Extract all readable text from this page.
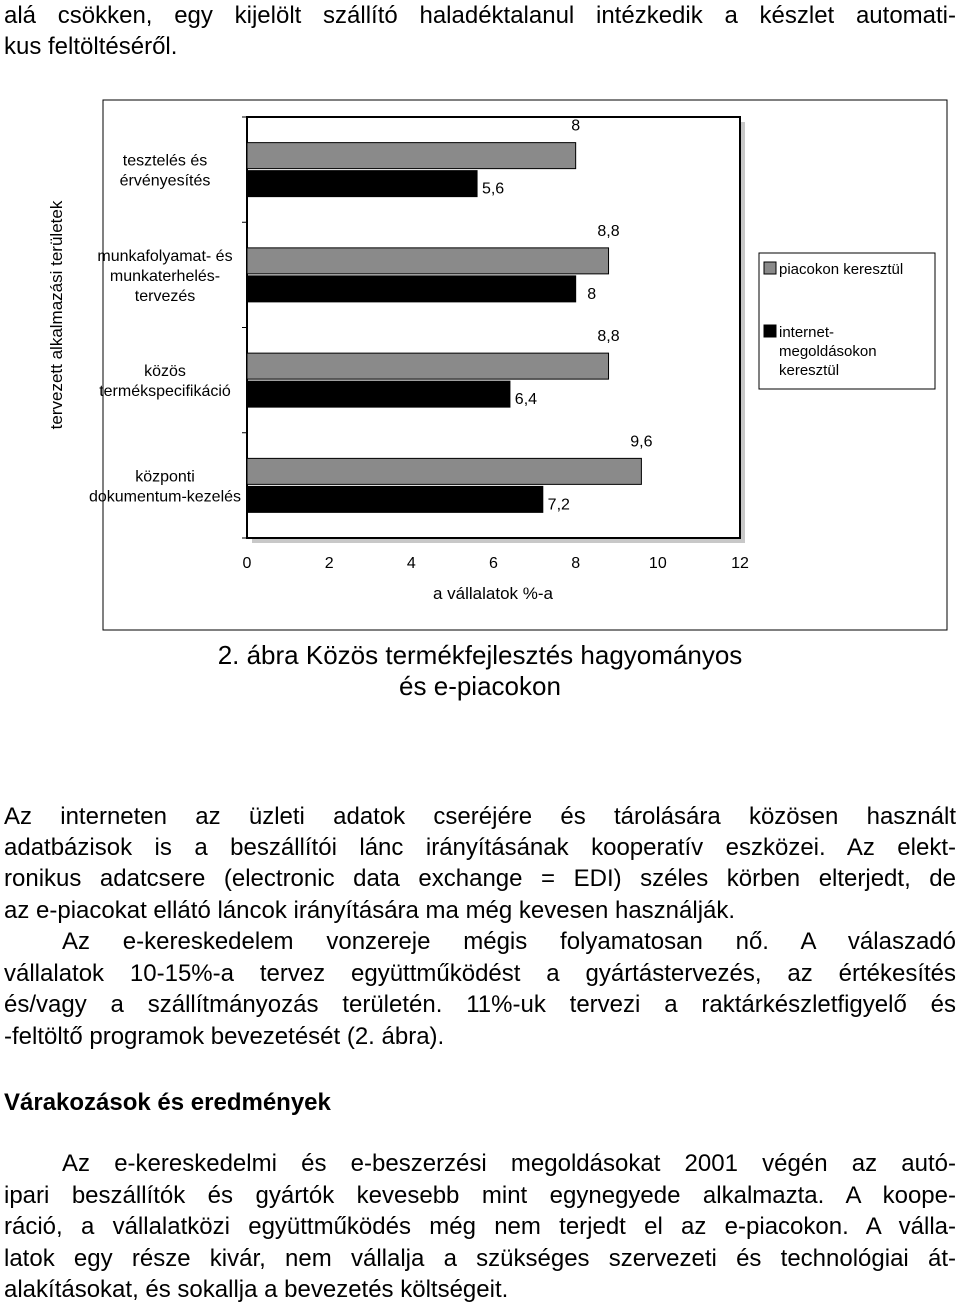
alá csökken, egy kijelölt szállító haladéktalanul intézkedik a készlet automati-
kus feltöltéséről.
8
5,6
tesztelés és
érvényesítés
8,8
8
munkafolyamat- és
munkaterhelés-
tervezés
8,8
6,4
közös
termékspecifikáció
9,6
7,2
központi
dokumentum-kezelés
0	2	4	6	8	10	12
a vállalatok %-a
tervezett alkalmazási területek	piacokon keresztül
internet-
megoldásokon
keresztül
2. ábra Közös termékfejlesztés hagyományos
és e-piacokon
Az interneten az üzleti adatok cseréjére és tárolására közösen használt
adatbázisok is a beszállítói lánc irányításának kooperatív eszközei. Az elekt-
ronikus adatcsere (electronic data exchange = EDI) széles körben elterjedt, de
az e-piacokat ellátó láncok irányítására ma még kevesen használják.
Az e-kereskedelem vonzereje mégis folyamatosan nő. A válaszadó
vállalatok 10-15%-a tervez együttműködést a gyártástervezés, az értékesítés
és/vagy a szállítmányozás területén. 11%-uk tervezi a raktárkészletfigyelő és
-feltöltő programok bevezetését (2. ábra).
Várakozások és eredmények
Az e-kereskedelmi és e-beszerzési megoldásokat 2001 végén az autó-
ipari beszállítók és gyártók kevesebb mint egynegyede alkalmazta. A koope-
ráció, a vállalatközi együttműködés még nem terjedt el az e-piacokon. A válla-
latok egy része kivár, nem vállalja a szükséges szervezeti és technológiai át-
alakításokat, és sokallja a bevezetés költségeit.
